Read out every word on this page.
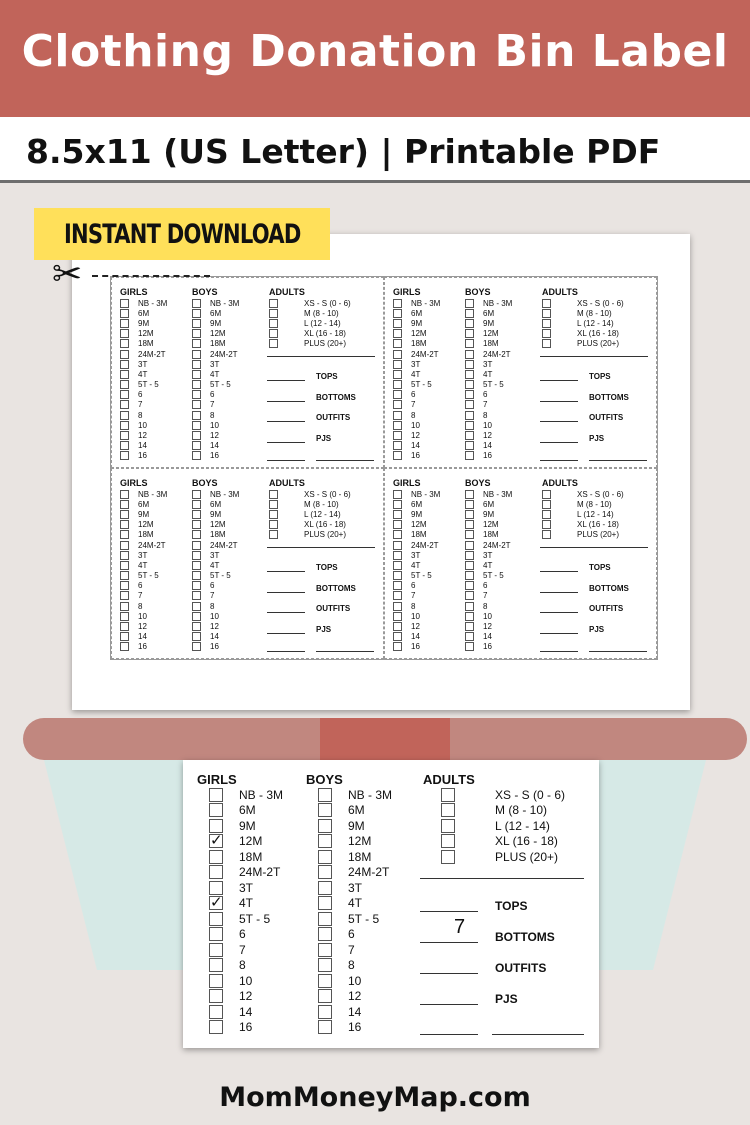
Clothing Donation Bin Label
8.5x11 (US Letter) | Printable PDF
GIRLS
NB - 3M
6M
9M
12M
18M
24M-2T
3T
4T
5T - 5
6
7
8
10
12
14
16
BOYS
NB - 3M
6M
9M
12M
18M
24M-2T
3T
4T
5T - 5
6
7
8
10
12
14
16
ADULTS
XS - S (0 - 6)
M (8 - 10)
L (12 - 14)
XL (16 - 18)
PLUS (20+)
TOPS
BOTTOMS
OUTFITS
PJS
GIRLS
NB - 3M
6M
9M
12M
18M
24M-2T
3T
4T
5T - 5
6
7
8
10
12
14
16
BOYS
NB - 3M
6M
9M
12M
18M
24M-2T
3T
4T
5T - 5
6
7
8
10
12
14
16
ADULTS
XS - S (0 - 6)
M (8 - 10)
L (12 - 14)
XL (16 - 18)
PLUS (20+)
TOPS
BOTTOMS
OUTFITS
PJS
GIRLS
NB - 3M
6M
9M
12M
18M
24M-2T
3T
4T
5T - 5
6
7
8
10
12
14
16
BOYS
NB - 3M
6M
9M
12M
18M
24M-2T
3T
4T
5T - 5
6
7
8
10
12
14
16
ADULTS
XS - S (0 - 6)
M (8 - 10)
L (12 - 14)
XL (16 - 18)
PLUS (20+)
TOPS
BOTTOMS
OUTFITS
PJS
GIRLS
NB - 3M
6M
9M
12M
18M
24M-2T
3T
4T
5T - 5
6
7
8
10
12
14
16
BOYS
NB - 3M
6M
9M
12M
18M
24M-2T
3T
4T
5T - 5
6
7
8
10
12
14
16
ADULTS
XS - S (0 - 6)
M (8 - 10)
L (12 - 14)
XL (16 - 18)
PLUS (20+)
TOPS
BOTTOMS
OUTFITS
PJS
INSTANT DOWNLOAD
✂
GIRLS
NB - 3M
6M
9M
✓ 12M
18M
24M-2T
3T
✓ 4T
5T - 5
6
7
8
10
12
14
16
BOYS
NB - 3M
6M
9M
12M
18M
24M-2T
3T
4T
5T - 5
6
7
8
10
12
14
16
ADULTS
XS - S (0 - 6)
M (8 - 10)
L (12 - 14)
XL (16 - 18)
PLUS (20+)
TOPS
BOTTOMS
7
OUTFITS
PJS
MomMoneyMap.com
